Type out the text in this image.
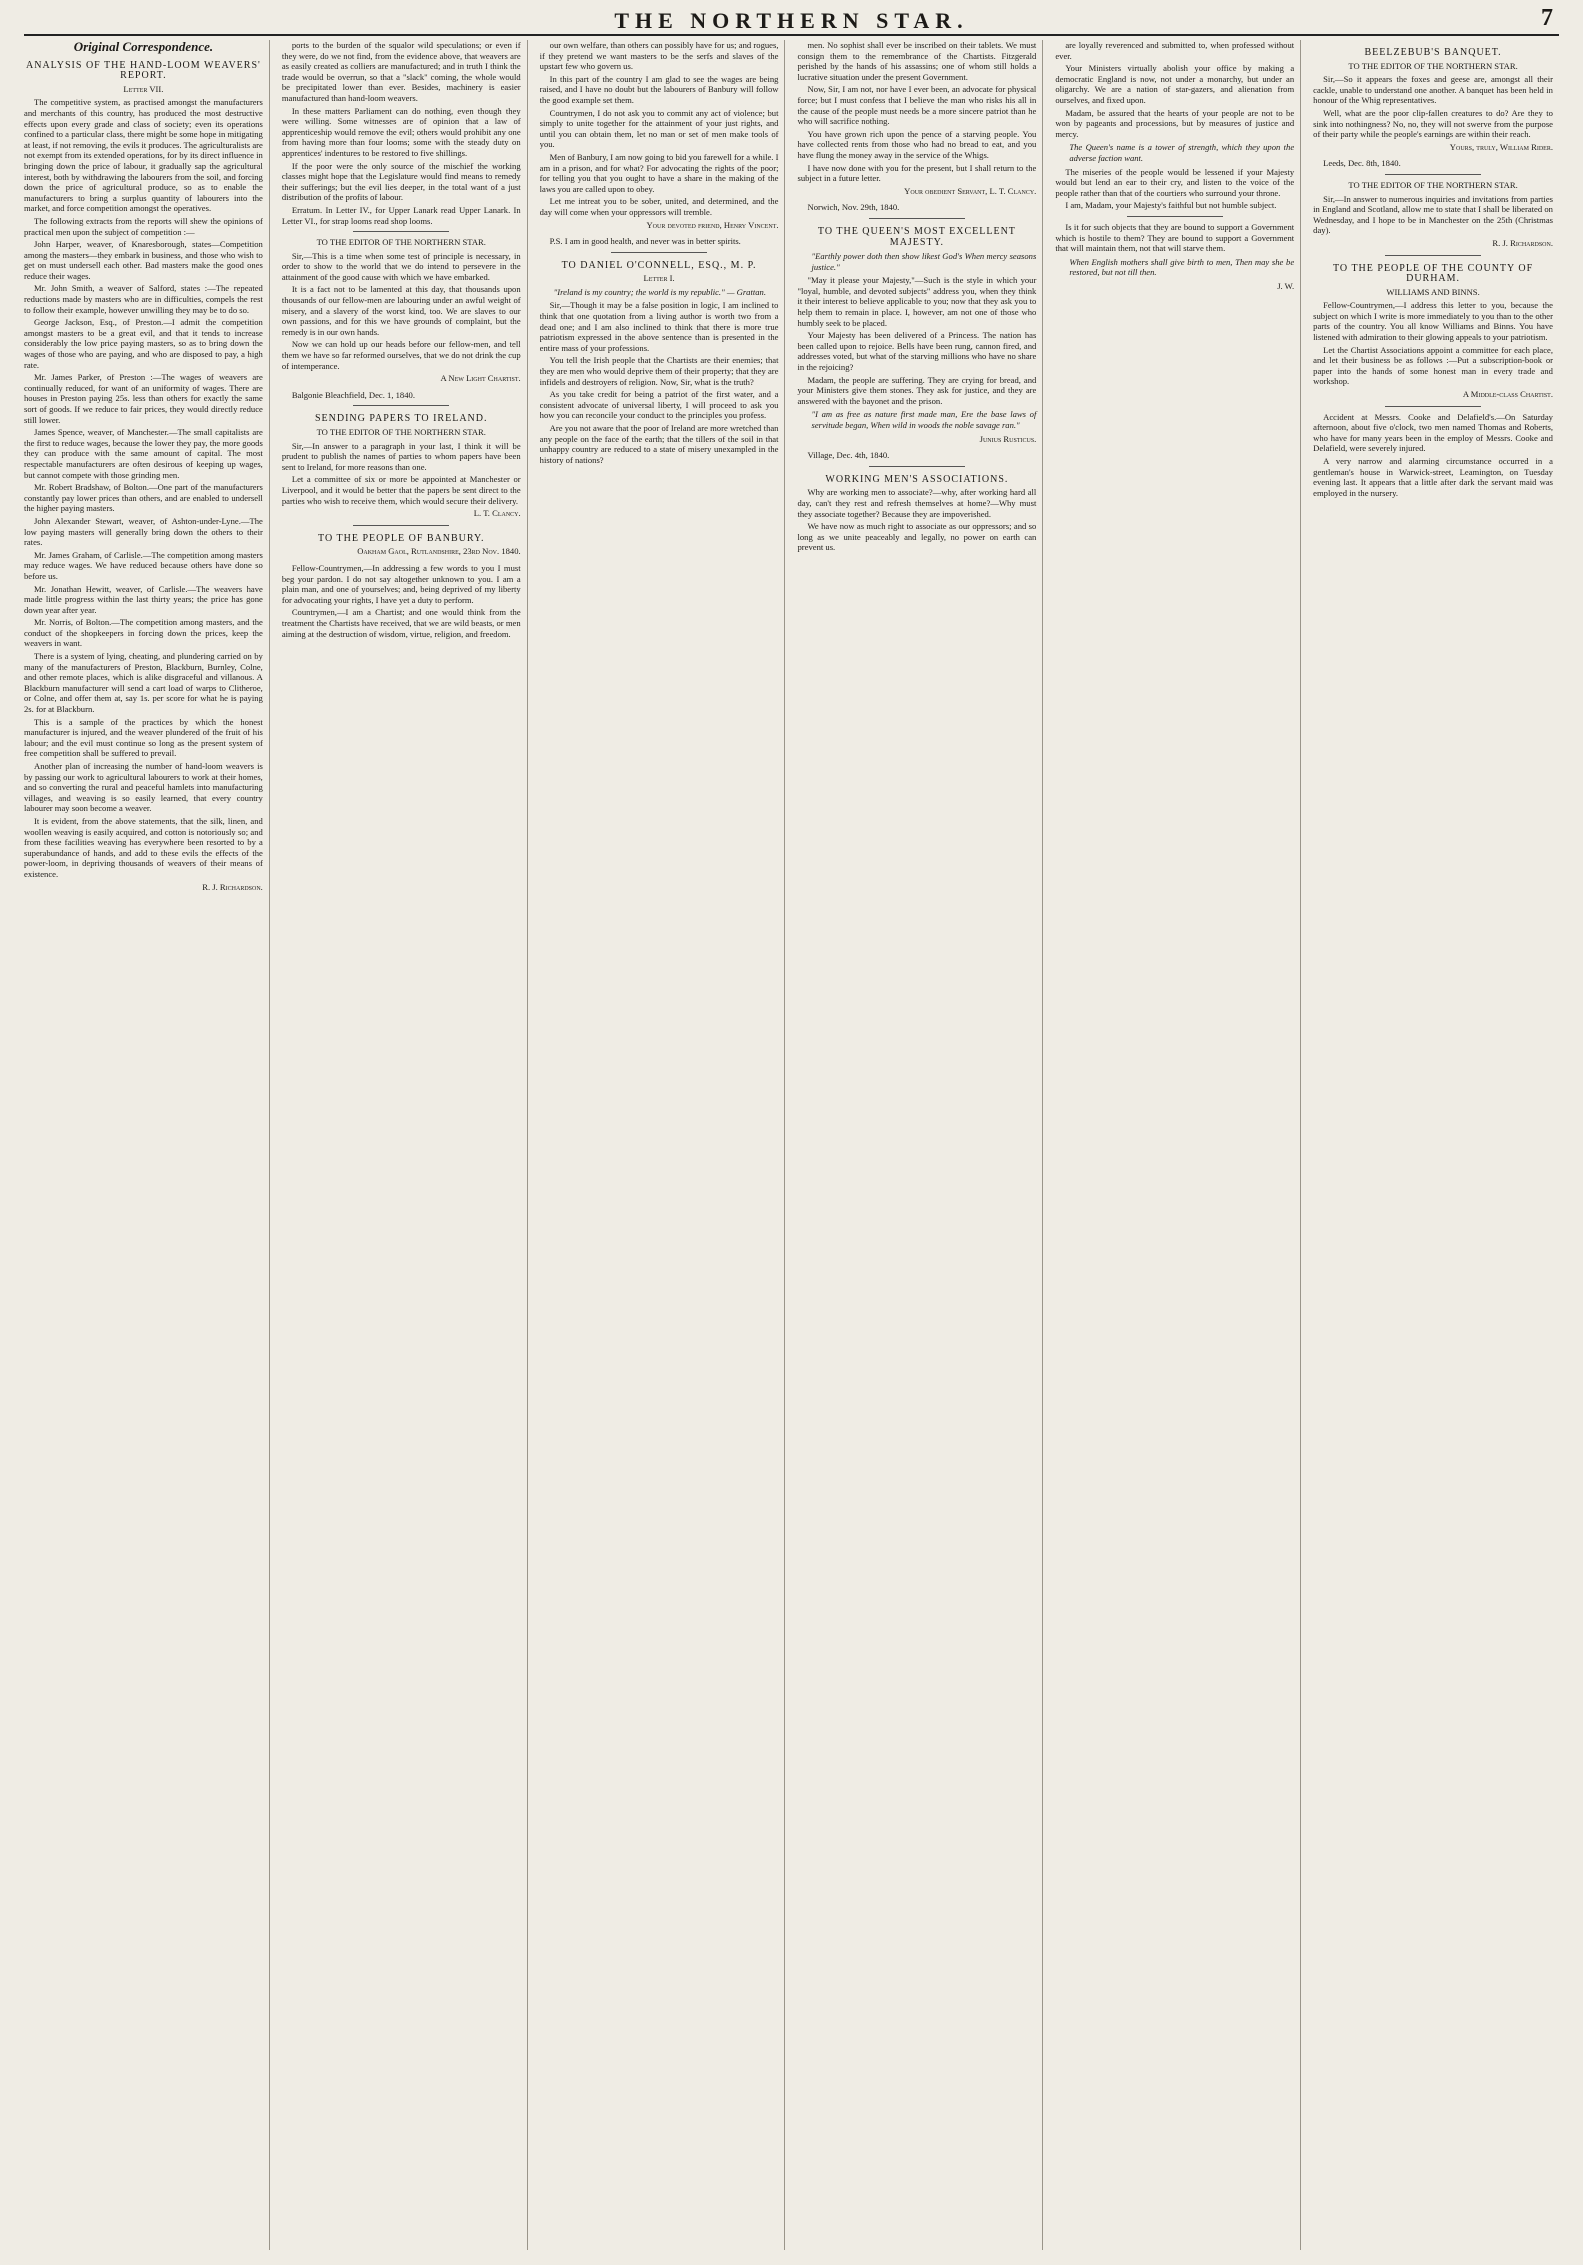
THE NORTHERN STAR.	7
Original Correspondence.
ANALYSIS OF THE HAND-LOOM WEAVERS' REPORT.
Letter VII.

The competitive system, as practised amongst the manufacturers and merchants of this country, has produced the most destructive effects upon every grade and class of society; even its operations confined to a particular class, there might be some hope in mitigating at least, if not removing, the evils it produces. The agriculturalists are not exempt from its extended operations, for by its direct influence in bringing down the price of labour, it gradually sap the agricultural interest, both by withdrawing the labourers from the soil, and forcing down the price of agricultural produce, so as to enable the manufacturers to bring a surplus quantity of labourers into the market, and force competition amongst the operatives.

The following extracts from the reports will shew the opinions of practical men upon the subject of competition :—

John Harper, weaver, of Knaresborough, states—Competition among the masters—they embark in business, and those who wish to get on must undersell each other. Bad masters make the good ones reduce their wages.

Mr. John Smith, a weaver of Salford, states :—The repeated reductions made by masters who are in difficulties, compels the rest to follow their example, however unwilling they may be to do so.

George Jackson, Esq., of Preston.—I admit the competition amongst masters to be a great evil, and that it tends to increase considerably the low price paying masters, so as to bring down the wages of those who are paying, and who are disposed to pay, a high rate.

Mr. James Parker, of Preston :—The wages of weavers are continually reduced, for want of an uniformity of wages. There are houses in Preston paying 25s. less than others for exactly the same sort of goods. If we reduce to fair prices, they would directly reduce still lower.

James Spence, weaver, of Manchester.—The small capitalists are the first to reduce wages, because the lower they pay, the more goods they can produce with the same amount of capital. The most respectable manufacturers are often desirous of keeping up wages, but cannot compete with those grinding men.

Mr. Robert Bradshaw, of Bolton.—One part of the manufacturers constantly pay lower prices than others, and are enabled to undersell the higher paying masters.

John Alexander Stewart, weaver, of Ashton-under-Lyne.—The low paying masters will generally bring down the others to their rates.

Mr. James Graham, of Carlisle.—The competition among masters may reduce wages. We have reduced because others have done so before us.

Mr. Jonathan Hewitt, weaver, of Carlisle.—The weavers have made little progress within the last thirty years; the price has gone down year after year.

Mr. Norris, of Bolton.—The competition among masters, and the conduct of the shopkeepers in forcing down the prices, keep the weavers in want.

There is a system of lying, cheating, and plundering carried on by many of the manufacturers of Preston, Blackburn, Burnley, Colne, and other remote places, which is alike disgraceful and villanous. A Blackburn manufacturer will send a cart load of warps to Clitheroe, or Colne, and offer them at, say 1s. per score for what he is paying 2s. for at Blackburn.

This is a sample of the practices by which the honest manufacturer is injured, and the weaver plundered of the fruit of his labour; and the evil must continue so long as the present system of free competition shall be suffered to prevail.

Another plan of increasing the number of hand-loom weavers is by passing our work to agricultural labourers to work at their homes, and so converting the rural and peaceful hamlets into manufacturing villages, and weaving is so easily learned, that every country labourer may soon become a weaver.

It is evident, from the above statements, that the silk, linen, and woollen weaving is easily acquired, and cotton is notoriously so; and from these facilities weaving has everywhere been resorted to by a superabundance of hands, and add to these evils the effects of the power-loom, in depriving thousands of weavers of their means of existence.

R. J. Richardson.

ports to the burden of the squalor wild speculations; or even if they were, do we not find, from the evidence above, that weavers are as easily created as colliers are manufactured; and in truth I think the trade would be overrun, so that a "slack" coming, the whole would be precipitated lower than ever. Besides, machinery is easier manufactured than hand-loom weavers.

In these matters Parliament can do nothing, even though they were willing. Some witnesses are of opinion that a law of apprenticeship would remove the evil; others would prohibit any one from having more than four looms; some with the steady duty on apprentices' indentures to be restored to five shillings.

If the poor were the only source of the mischief the working classes might hope that the Legislature would find means to remedy their sufferings; but the evil lies deeper, in the total want of a just distribution of the profits of labour.

Erratum. In Letter IV., for Upper Lanark read Upper Lanark. In Letter VI., for strap looms read shop looms.

TO THE EDITOR OF THE NORTHERN STAR.

Sir,—This is a time when some test of principle is necessary, in order to show to the world that we do intend to persevere in the attainment of the good cause with which we have embarked.

It is a fact not to be lamented at this day, that thousands upon thousands of our fellow-men are labouring under an awful weight of misery, and a slavery of the worst kind, too. We are slaves to our own passions, and for this we have grounds of complaint, but the remedy is in our own hands.

Now we can hold up our heads before our fellow-men, and tell them we have so far reformed ourselves, that we do not drink the cup of intemperance.

A New Light Chartist.

Balgonie Bleachfield, Dec. 1, 1840.

SENDING PAPERS TO IRELAND.
TO THE EDITOR OF THE NORTHERN STAR.

Sir,—In answer to a paragraph in your last, I think it will be prudent to publish the names of parties to whom papers have been sent to Ireland, for more reasons than one.

Let a committee of six or more be appointed at Manchester or Liverpool, and it would be better that the papers be sent direct to the parties who wish to receive them, which would secure their delivery.

L. T. Clancy.
TO THE PEOPLE OF BANBURY.
Oakham Gaol, Rutlandshire, 23rd Nov. 1840.

Fellow-Countrymen,—In addressing a few words to you I must beg your pardon. I do not say altogether unknown to you. I am a plain man, and one of yourselves; and, being deprived of my liberty for advocating your rights, I have yet a duty to perform.

Countrymen,—I am a Chartist; and one would think from the treatment the Chartists have received, that we are wild beasts, or men aiming at the destruction of wisdom, virtue, religion, and freedom.

our own welfare, than others can possibly have for us; and rogues, if they pretend we want masters to be the serfs and slaves of the upstart few who govern us.

In this part of the country I am glad to see the wages are being raised, and I have no doubt but the labourers of Banbury will follow the good example set them.

Countrymen, I do not ask you to commit any act of violence; but simply to unite together for the attainment of your just rights, and until you can obtain them, let no man or set of men make tools of you.

Men of Banbury, I am now going to bid you farewell for a while. I am in a prison, and for what? For advocating the rights of the poor; for telling you that you ought to have a share in the making of the laws you are called upon to obey.

Let me intreat you to be sober, united, and determined, and the day will come when your oppressors will tremble.

Your devoted friend, Henry Vincent.

P.S. I am in good health, and never was in better spirits.

TO DANIEL O'CONNELL, ESQ., M. P.
Letter I.
"Ireland is my country; the world is my republic." — Grattan.

Sir,—Though it may be a false position in logic, I am inclined to think that one quotation from a living author is worth two from a dead one; and I am also inclined to think that there is more true patriotism expressed in the above sentence than is presented in the entire mass of your professions.

You tell the Irish people that the Chartists are their enemies; that they are men who would deprive them of their property; that they are infidels and destroyers of religion. Now, Sir, what is the truth?

As you take credit for being a patriot of the first water, and a consistent advocate of universal liberty, I will proceed to ask you how you can reconcile your conduct to the principles you profess.

Are you not aware that the poor of Ireland are more wretched than any people on the face of the earth; that the tillers of the soil in that unhappy country are reduced to a state of misery unexampled in the history of nations?

men. No sophist shall ever be inscribed on their tablets. We must consign them to the remembrance of the Chartists. Fitzgerald perished by the hands of his assassins; one of whom still holds a lucrative situation under the present Government.

Now, Sir, I am not, nor have I ever been, an advocate for physical force; but I must confess that I believe the man who risks his all in the cause of the people must needs be a more sincere patriot than he who will sacrifice nothing.

You have grown rich upon the pence of a starving people. You have collected rents from those who had no bread to eat, and you have flung the money away in the service of the Whigs.

I have now done with you for the present, but I shall return to the subject in a future letter.

Your obedient Servant, L. T. Clancy.

Norwich, Nov. 29th, 1840.

TO THE QUEEN'S MOST EXCELLENT MAJESTY.
"Earthly power doth then show likest God's When mercy seasons justice."

"May it please your Majesty,"—Such is the style in which your "loyal, humble, and devoted subjects" address you, when they think it their interest to believe applicable to you; now that they ask you to help them to remain in place. I, however, am not one of those who humbly seek to be placed.

Your Majesty has been delivered of a Princess. The nation has been called upon to rejoice. Bells have been rung, cannon fired, and addresses voted, but what of the starving millions who have no share in the rejoicing?

Madam, the people are suffering. They are crying for bread, and your Ministers give them stones. They ask for justice, and they are answered with the bayonet and the prison.

"I am as free as nature first made man, Ere the base laws of servitude began, When wild in woods the noble savage ran."
Junius Rusticus.

Village, Dec. 4th, 1840.

WORKING MEN'S ASSOCIATIONS.

Why are working men to associate?—why, after working hard all day, can't they rest and refresh themselves at home?—Why must they associate together? Because they are impoverished.

We have now as much right to associate as our oppressors; and so long as we unite peaceably and legally, no power on earth can prevent us.

are loyally reverenced and submitted to, when professed without ever.

Your Ministers virtually abolish your office by making a democratic England is now, not under a monarchy, but under an oligarchy. We are a nation of star-gazers, and alienation from ourselves, and fixed upon.

Madam, be assured that the hearts of your people are not to be won by pageants and processions, but by measures of justice and mercy.

The Queen's name is a tower of strength, which they upon the adverse faction want.

The miseries of the people would be lessened if your Majesty would but lend an ear to their cry, and listen to the voice of the people rather than that of the courtiers who surround your throne.

I am, Madam, your Majesty's faithful but not humble subject.

Is it for such objects that they are bound to support a Government which is hostile to them? They are bound to support a Government that will maintain them, not that will starve them.

When English mothers shall give birth to men, Then may she be restored, but not till then.
J. W.
BEELZEBUB'S BANQUET.
TO THE EDITOR OF THE NORTHERN STAR.

Sir,—So it appears the foxes and geese are, amongst all their cackle, unable to understand one another. A banquet has been held in honour of the Whig representatives.

Well, what are the poor clip-fallen creatures to do? Are they to sink into nothingness? No, no, they will not swerve from the purpose of their party while the people's earnings are within their reach.

Yours, truly, William Rider.

Leeds, Dec. 8th, 1840.

TO THE EDITOR OF THE NORTHERN STAR.

Sir,—In answer to numerous inquiries and invitations from parties in England and Scotland, allow me to state that I shall be liberated on Wednesday, and I hope to be in Manchester on the 25th (Christmas day).

R. J. Richardson.
TO THE PEOPLE OF THE COUNTY OF DURHAM.
WILLIAMS AND BINNS.

Fellow-Countrymen,—I address this letter to you, because the subject on which I write is more immediately to you than to the other parts of the country. You all know Williams and Binns. You have listened with admiration to their glowing appeals to your patriotism.

Let the Chartist Associations appoint a committee for each place, and let their business be as follows :—Put a subscription-book or paper into the hands of some honest man in every trade and workshop.

A Middle-class Chartist.

Accident at Messrs. Cooke and Delafield's.—On Saturday afternoon, about five o'clock, two men named Thomas and Roberts, who have for many years been in the employ of Messrs. Cooke and Delafield, were severely injured.

A very narrow and alarming circumstance occurred in a gentleman's house in Warwick-street, Leamington, on Tuesday evening last. It appears that a little after dark the servant maid was employed in the nursery.
